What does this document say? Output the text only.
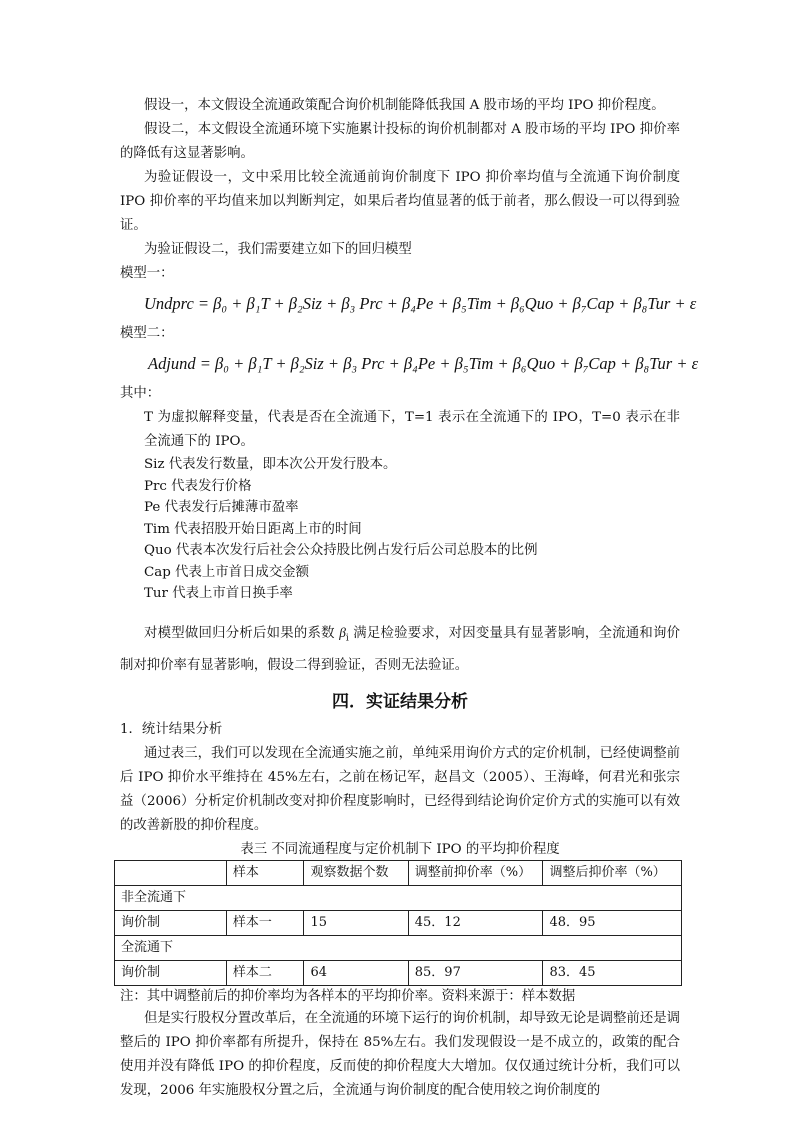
假设一，本文假设全流通政策配合询价机制能降低我国 A 股市场的平均 IPO 抑价程度。

假设二，本文假设全流通环境下实施累计投标的询价机制都对 A 股市场的平均 IPO 抑价率的降低有这显著影响。

为验证假设一，文中采用比较全流通前询价制度下 IPO 抑价率均值与全流通下询价制度 IPO 抑价率的平均值来加以判断判定，如果后者均值显著的低于前者，那么假设一可以得到验证。

为验证假设二，我们需要建立如下的回归模型

模型一：

Undprc = β₀ + β₁T + β₂Siz + β₃ Prc + β₄Pe + β₅Tim + β₆Quo + β₇Cap + β₈Tur + ε

模型二：

Adjund = β₀ + β₁T + β₂Siz + β₃ Prc + β₄Pe + β₅Tim + β₆Quo + β₇Cap + β₈Tur + ε

其中：

T 为虚拟解释变量，代表是否在全流通下，T=1 表示在全流通下的 IPO，T=0 表示在非全流通下的 IPO。

Siz 代表发行数量，即本次公开发行股本。

Prc 代表发行价格

Pe 代表发行后摊薄市盈率

Tim 代表招股开始日距离上市的时间

Quo 代表本次发行后社会公众持股比例占发行后公司总股本的比例

Cap 代表上市首日成交金额

Tur 代表上市首日换手率

对模型做回归分析后如果的系数 $\beta_i$ 满足检验要求，对因变量具有显著影响，全流通和询价制对抑价率有显著影响，假设二得到验证，否则无法验证。

四．实证结果分析

1．统计结果分析

通过表三，我们可以发现在全流通实施之前，单纯采用询价方式的定价机制，已经使调整前后 IPO 抑价水平维持在 45%左右，之前在杨记军，赵昌文（2005）、王海峰，何君光和张宗益（2006）分析定价机制改变对抑价程度影响时，已经得到结论询价定价方式的实施可以有效的改善新股的抑价程度。

表三 不同流通程度与定价机制下 IPO 的平均抑价程度
	样本	观察数据个数	调整前抑价率（%）	调整后抑价率（%）
非全流通下				
询价制	样本一	15	45．12	48．95
全流通下				
询价制	样本二	64	85．97	83．45

注：其中调整前后的抑价率均为各样本的平均抑价率。资料来源于：样本数据

但是实行股权分置改革后，在全流通的环境下运行的询价机制，却导致无论是调整前还是调整后的 IPO 抑价率都有所提升，保持在 85%左右。我们发现假设一是不成立的，政策的配合使用并没有降低 IPO 的抑价程度，反而使的抑价程度大大增加。仅仅通过统计分析，我们可以发现，2006 年实施股权分置之后，全流通与询价制度的配合使用较之询价制度的
